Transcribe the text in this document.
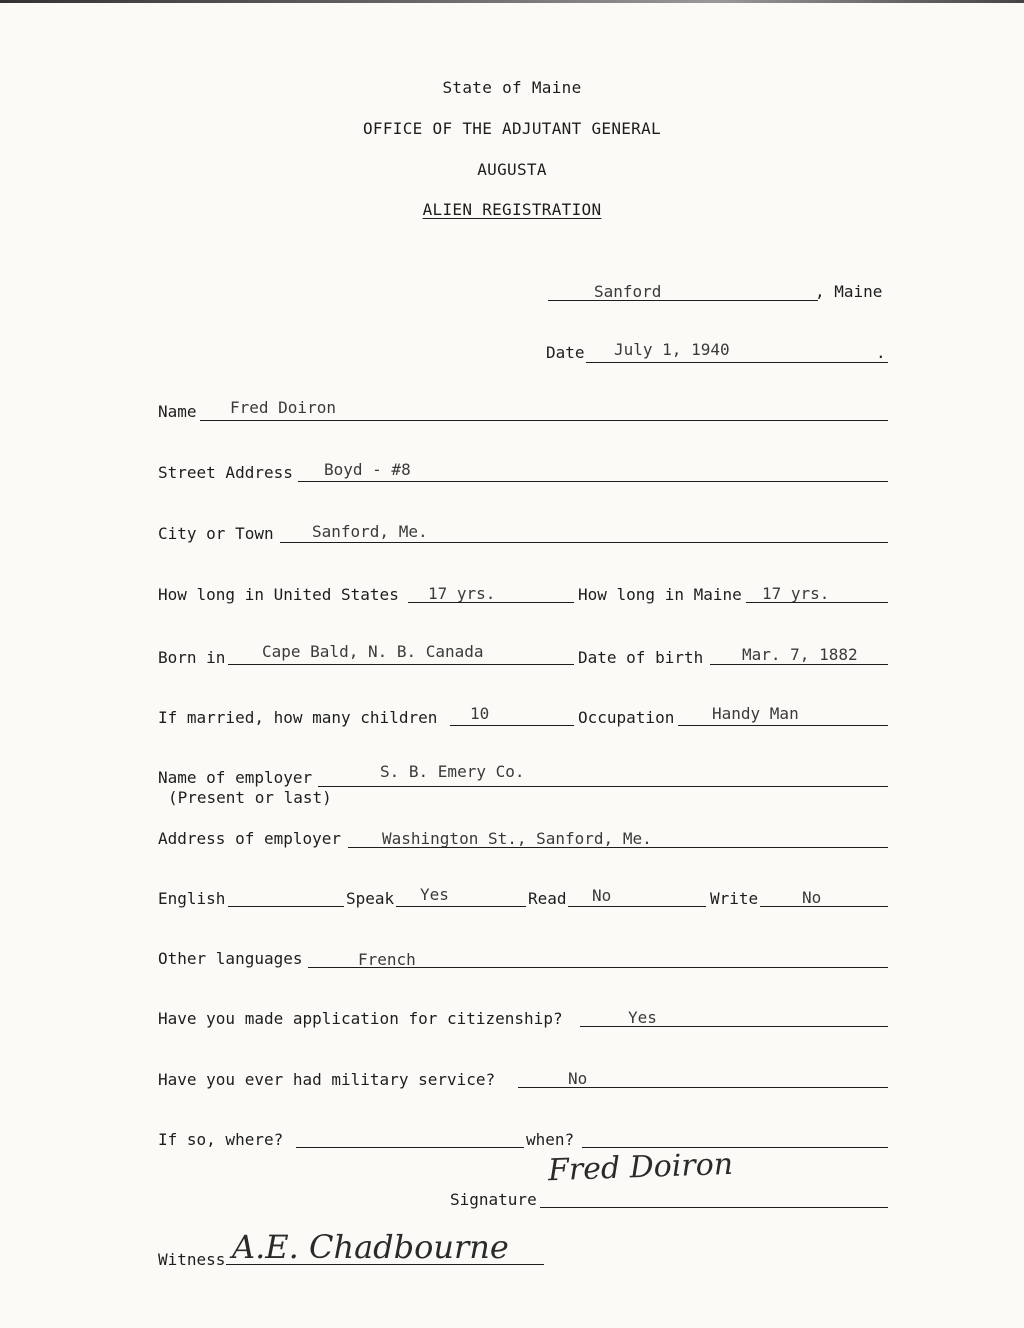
State of Maine
OFFICE OF THE ADJUTANT GENERAL
AUGUSTA
ALIEN REGISTRATION
Sanford	, Maine
Date July 1, 1940	.
Name Fred Doiron
Street Address Boyd - #8
City or Town Sanford, Me.
How long in United States 17 yrs.	How long in Maine 17 yrs.
Born in Cape Bald, N. B. Canada	Date of birth Mar. 7, 1882
If married, how many children 10	Occupation Handy Man
Name of employer
(Present or last)
S. B. Emery Co.
Address of employer	Washington St., Sanford, Me.
English	Speak Yes	Read No	Write	No
Other languages	French
Have you made application for citizenship?	Yes
Have you ever had military service?	No
If so, where?	when?
Fred Doiron
Signature
Witness A.E. Chadbourne
